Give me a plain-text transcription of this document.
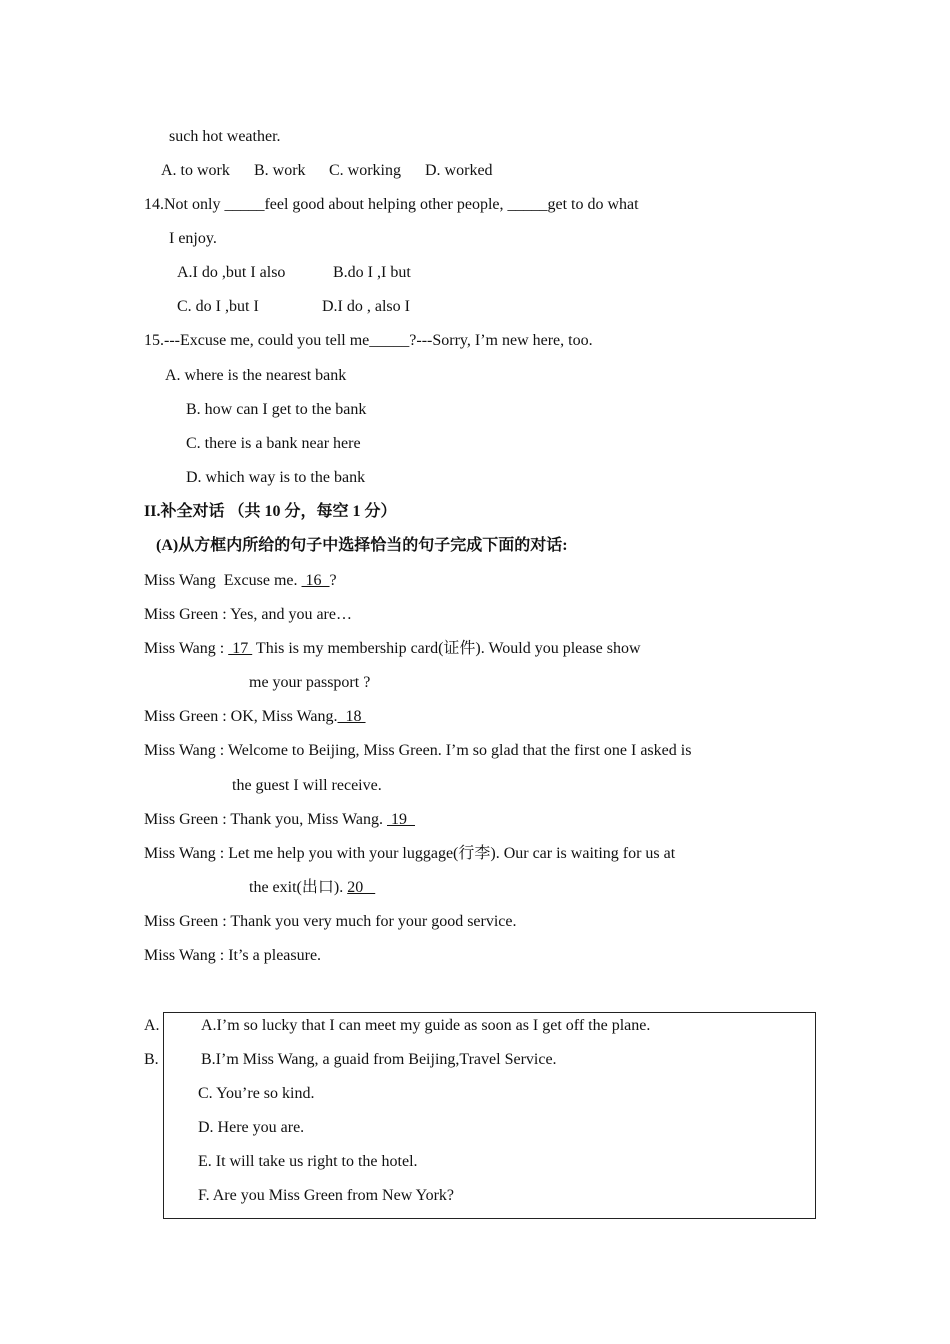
such hot weather.
A. to work B. work C. working D. worked
14.Not only _____feel good about helping other people, _____get to do what
I enjoy.
A.I do ,but I also	B.do I ,I but
C. do I ,but I	D.I do , also I
15.---Excuse me, could you tell me_____?---Sorry, I’m new here, too.
A. where is the nearest bank
B. how can I get to the bank
C. there is a bank near here
D. which way is to the bank
II.补全对话 （共 10 分，每空 1 分）
(A)从方框内所给的句子中选择恰当的句子完成下面的对话:
Miss Wang  Excuse me.  16  ?
Miss Green : Yes, and you are…
Miss Wang :  17  This is my membership card(证件). Would you please show
me your passport ?
Miss Green : OK, Miss Wang.  18
Miss Wang : Welcome to Beijing, Miss Green. I’m so glad that the first one I asked is
the guest I will receive.
Miss Green : Thank you, Miss Wang.  19
Miss Wang : Let me help you with your luggage(行李). Our car is waiting for us at
the exit(出口). 20
Miss Green : Thank you very much for your good service.
Miss Wang : It’s a pleasure.
A.
B.
A.I’m so lucky that I can meet my guide as soon as I get off the plane.
B.I’m Miss Wang, a guaid from Beijing,Travel Service.
C. You’re so kind.
D. Here you are.
E. It will take us right to the hotel.
F. Are you Miss Green from New York?
